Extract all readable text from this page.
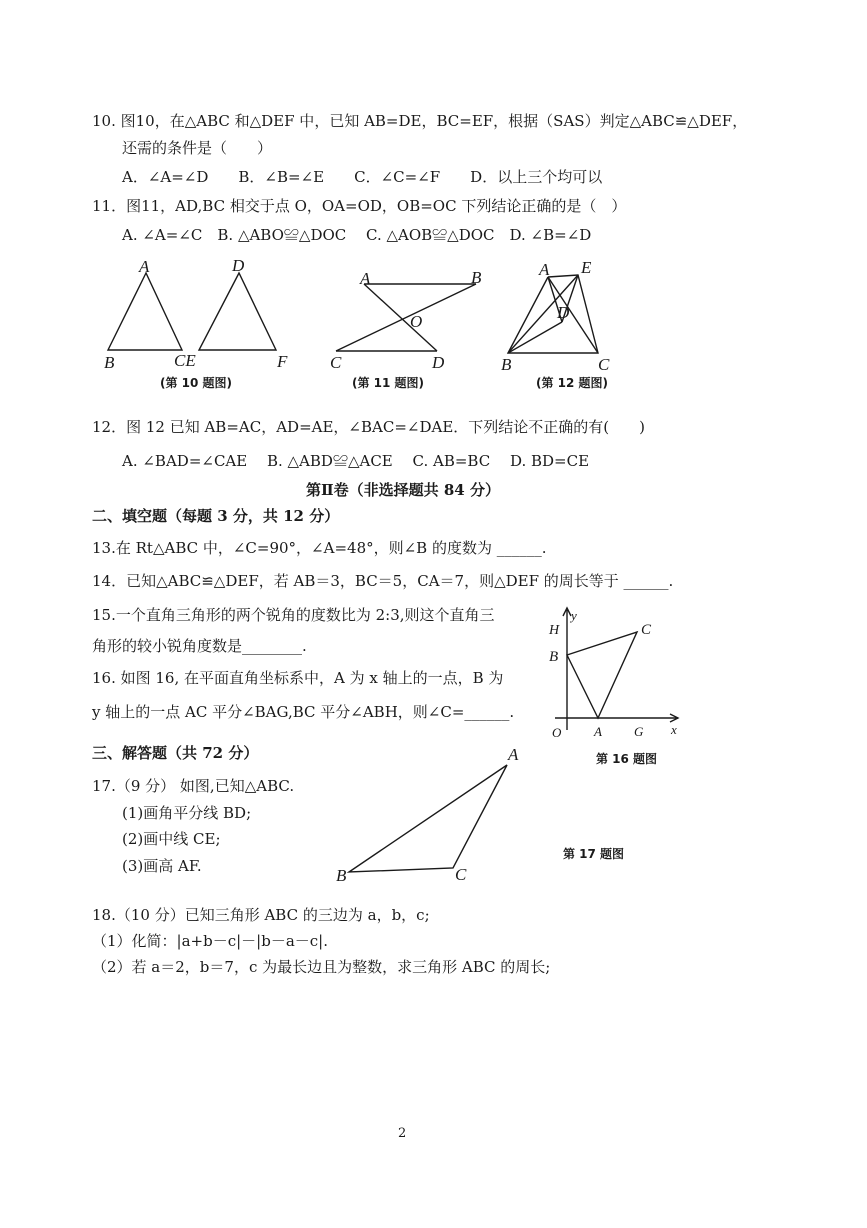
10. 图10，在△ABC 和△DEF 中，已知 AB=DE，BC=EF，根据（SAS）判定△ABC≌△DEF，
还需的条件是（　　）
A．∠A=∠D　　B．∠B=∠E　　C．∠C=∠F　　D．以上三个均可以
11．图11，AD,BC 相交于点 O，OA=OD，OB=OC 下列结论正确的是（　）
A. ∠A=∠C　B. △ABO≌△DOC　 C. △AOB≌△DOC　D. ∠B=∠D
A
B	CE
D
F
(第 10 题图)
A	B
O
C	D
(第 11 题图)
A E
D
B	C
(第 12 题图)
12．图 12 已知 AB=AC，AD=AE，∠BAC=∠DAE．下列结论不正确的有(　　)
A. ∠BAD=∠CAE　 B. △ABD≌△ACE　 C. AB=BC　 D. BD=CE
第Ⅱ卷（非选择题共 84 分）
二、填空题（每题 3 分，共 12 分）
13.在 Rt△ABC 中，∠C=90°，∠A=48°，则∠B 的度数为 ______.
14．已知△ABC≌△DEF，若 AB＝3，BC＝5，CA＝7，则△DEF 的周长等于 ______.
15.一个直角三角形的两个锐角的度数比为 2:3,则这个直角三
角形的较小锐角度数是________.
16. 如图 16, 在平面直角坐标系中，A 为 x 轴上的一点，B 为
y 轴上的一点 AC 平分∠BAG,BC 平分∠ABH，则∠C=______.
H
y
B
C
O	A G x
第 16 题图
三、解答题（共 72 分）
17.（9 分） 如图,已知△ABC.
(1)画角平分线 BD;
(2)画中线 CE;
(3)画高 AF.
A
B	C
第 17 题图
18.（10 分）已知三角形 ABC 的三边为 a，b，c;
（1）化简：|a+b－c|－|b－a－c|.
（2）若 a＝2，b＝7，c 为最长边且为整数，求三角形 ABC 的周长;
2
